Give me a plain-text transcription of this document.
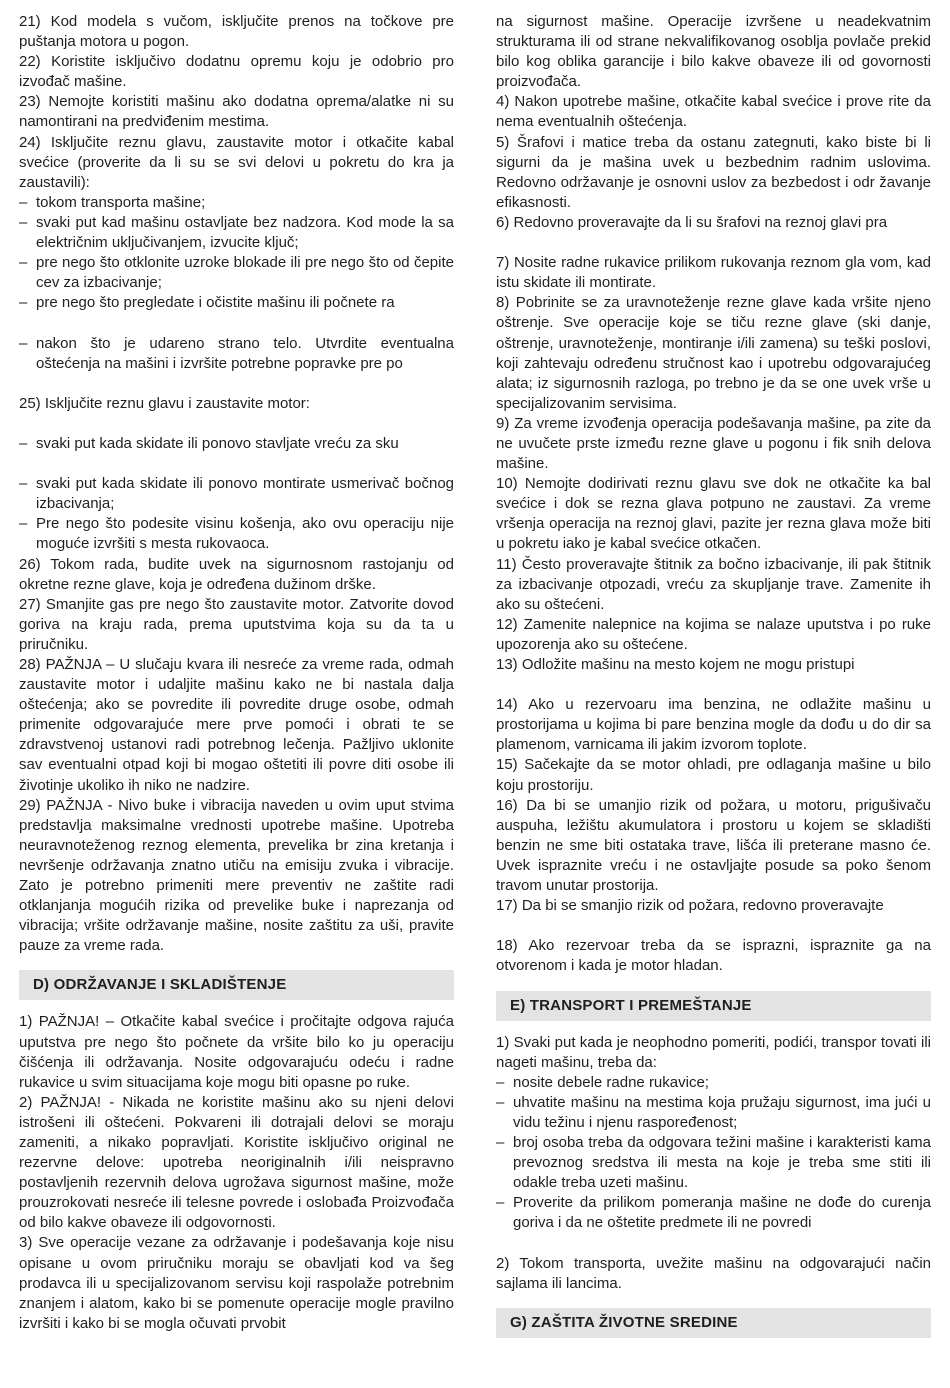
21) Kod modela s vučom, isključite prenos na točkove pre puštanja motora u pogon.

22) Koristite isključivo dodatnu opremu koju je odobrio pro izvođač mašine.

23) Nemojte koristiti mašinu ako dodatna oprema/alatke ni su namontirani na predviđenim mestima.

24) Isključite reznu glavu, zaustavite motor i otkačite kabal svećice (proverite da li su se svi delovi u pokretu do kra ja zaustavili):

– tokom transporta mašine;

– svaki put kad mašinu ostavljate bez nadzora. Kod mode la sa električnim uključivanjem, izvucite ključ;

– pre nego što otklonite uzroke blokade ili pre nego što od čepite cev za izbacivanje;

– pre nego što pregledate i očistite mašinu ili počnete ra

– nakon što je udareno strano telo. Utvrdite eventualna oštećenja na mašini i izvršite potrebne popravke pre po

25) Isključite reznu glavu i zaustavite motor:

– svaki put kada skidate ili ponovo stavljate vreću za sku

– svaki put kada skidate ili ponovo montirate usmerivač bočnog izbacivanja;

– Pre nego što podesite visinu košenja, ako ovu operaciju nije moguće izvršiti s mesta rukovaoca.

26) Tokom rada, budite uvek na sigurnosnom rastojanju od okretne rezne glave, koja je određena dužinom drške.

27) Smanjite gas pre nego što zaustavite motor. Zatvorite dovod goriva na kraju rada, prema uputstvima koja su da ta u priručniku.

28) PAŽNJA – U slučaju kvara ili nesreće za vreme rada, odmah zaustavite motor i udaljite mašinu kako ne bi nastala dalja oštećenja; ako se povredite ili povredite druge osobe, odmah primenite odgovarajuće mere prve pomoći i obrati te se zdravstvenoj ustanovi radi potrebnog lečenja. Pažljivo uklonite sav eventualni otpad koji bi mogao oštetiti ili povre diti osobe ili životinje ukoliko ih niko ne nadzire.

29) PAŽNJA - Nivo buke i vibracija naveden u ovim uput stvima predstavlja maksimalne vrednosti upotrebe mašine. Upotreba neuravnoteženog reznog elementa, prevelika br zina kretanja i nevršenje održavanja znatno utiču na emisiju zvuka i vibracije. Zato je potrebno primeniti mere preventiv ne zaštite radi otklanjanja mogućih rizika od prevelike buke i naprezanja od vibracija; vršite održavanje mašine, nosite zaštitu za uši, pravite pauze za vreme rada.

D) ODRŽAVANJE I SKLADIŠTENJE

1) PAŽNJA! – Otkačite kabal svećice i pročitajte odgova rajuća uputstva pre nego što počnete da vršite bilo ko ju operaciju čišćenja ili održavanja. Nosite odgovarajuću odeću i radne rukavice u svim situacijama koje mogu biti opasne po ruke.

2) PAŽNJA! - Nikada ne koristite mašinu ako su njeni delovi istrošeni ili oštećeni. Pokvareni ili dotrajali delovi se moraju zameniti, a nikako popravljati. Koristite isključivo original ne rezervne delove: upotreba neoriginalnih i/ili neispravno postavljenih rezervnih delova ugrožava sigurnost mašine, može prouzrokovati nesreće ili telesne povrede i oslobađa Proizvođača od bilo kakve obaveze ili odgovornosti.

3) Sve operacije vezane za održavanje i podešavanja koje nisu opisane u ovom priručniku moraju se obavljati kod va šeg prodavca ili u specijalizovanom servisu koji raspolaže potrebnim znanjem i alatom, kako bi se pomenute operacije mogle pravilno izvršiti i kako bi se mogla očuvati prvobit

na sigurnost mašine. Operacije izvršene u neadekvatnim strukturama ili od strane nekvalifikovanog osoblja povlače prekid bilo kog oblika garancije i bilo kakve obaveze ili od govornosti proizvođača.

4) Nakon upotrebe mašine, otkačite kabal svećice i prove rite da nema eventualnih oštećenja.

5) Šrafovi i matice treba da ostanu zategnuti, kako biste bi li sigurni da je mašina uvek u bezbednim radnim uslovima. Redovno održavanje je osnovni uslov za bezbedost i odr žavanje efikasnosti.

6) Redovno proveravajte da li su šrafovi na reznoj glavi pra

7) Nosite radne rukavice prilikom rukovanja reznom gla vom, kad istu skidate ili montirate.

8) Pobrinite se za uravnoteženje rezne glave kada vršite njeno oštrenje. Sve operacije koje se tiču rezne glave (ski danje, oštrenje, uravnoteženje, montiranje i/ili zamena) su teški poslovi, koji zahtevaju određenu stručnost kao i upotrebu odgovarajućeg alata; iz sigurnosnih razloga, po trebno je da se one uvek vrše u specijalizovanim servisima.

9) Za vreme izvođenja operacija podešavanja mašine, pa zite da ne uvučete prste između rezne glave u pogonu i fik snih delova mašine.

10) Nemojte dodirivati reznu glavu sve dok ne otkačite ka bal svećice i dok se rezna glava potpuno ne zaustavi. Za vreme vršenja operacija na reznoj glavi, pazite jer rezna glava može biti u pokretu iako je kabal svećice otkačen.

11) Često proveravajte štitnik za bočno izbacivanje, ili pak štitnik za izbacivanje otpozadi, vreću za skupljanje trave. Zamenite ih ako su oštećeni.

12) Zamenite nalepnice na kojima se nalaze uputstva i po ruke upozorenja ako su oštećene.

13) Odložite mašinu na mesto kojem ne mogu pristupi

14) Ako u rezervoaru ima benzina, ne odlažite mašinu u prostorijama u kojima bi pare benzina mogle da dođu u do dir sa plamenom, varnicama ili jakim izvorom toplote.

15) Sačekajte da se motor ohladi, pre odlaganja mašine u bilo koju prostoriju.

16) Da bi se umanjio rizik od požara, u motoru, prigušivaču auspuha, ležištu akumulatora i prostoru u kojem se skladišti benzin ne sme biti ostataka trave, lišća ili preterane masno će. Uvek ispraznite vreću i ne ostavljajte posude sa poko šenom travom unutar prostorija.

17) Da bi se smanjio rizik od požara, redovno proveravajte

18) Ako rezervoar treba da se isprazni, ispraznite ga na otvorenom i kada je motor hladan.

E) TRANSPORT I PREMEŠTANJE

1) Svaki put kada je neophodno pomeriti, podići, transpor tovati ili nageti mašinu, treba da:

– nosite debele radne rukavice;

– uhvatite mašinu na mestima koja pružaju sigurnost, ima jući u vidu težinu i njenu raspoređenost;

– broj osoba treba da odgovara težini mašine i karakteristi kama prevoznog sredstva ili mesta na koje je treba sme stiti ili odakle treba uzeti mašinu.

– Proverite da prilikom pomeranja mašine ne dođe do curenja goriva i da ne oštetite predmete ili ne povredi

2) Tokom transporta, uvežite mašinu na odgovarajući način sajlama ili lancima.

G) ZAŠTITA ŽIVOTNE SREDINE
